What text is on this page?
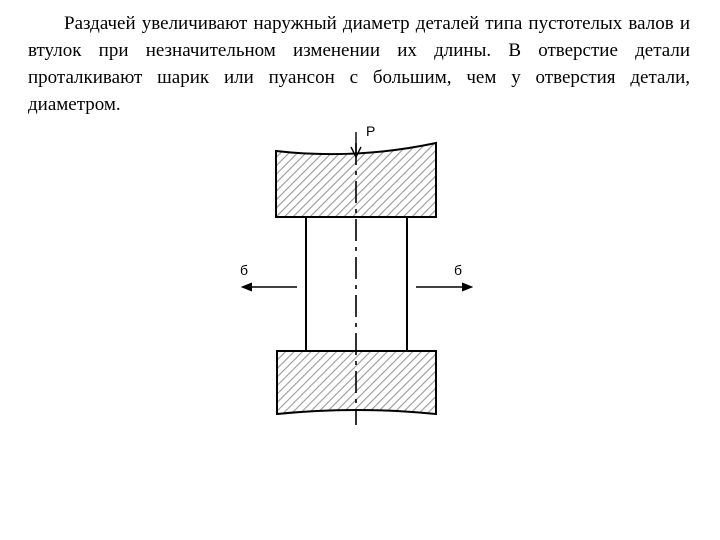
Раздачей увеличивают наружный диаметр деталей типа пустотелых валов и втулок при незначительном изменении их длины. В отверстие детали проталкивают шарик или пуансон с большим, чем у отверстия детали, диаметром.

P
б	б
